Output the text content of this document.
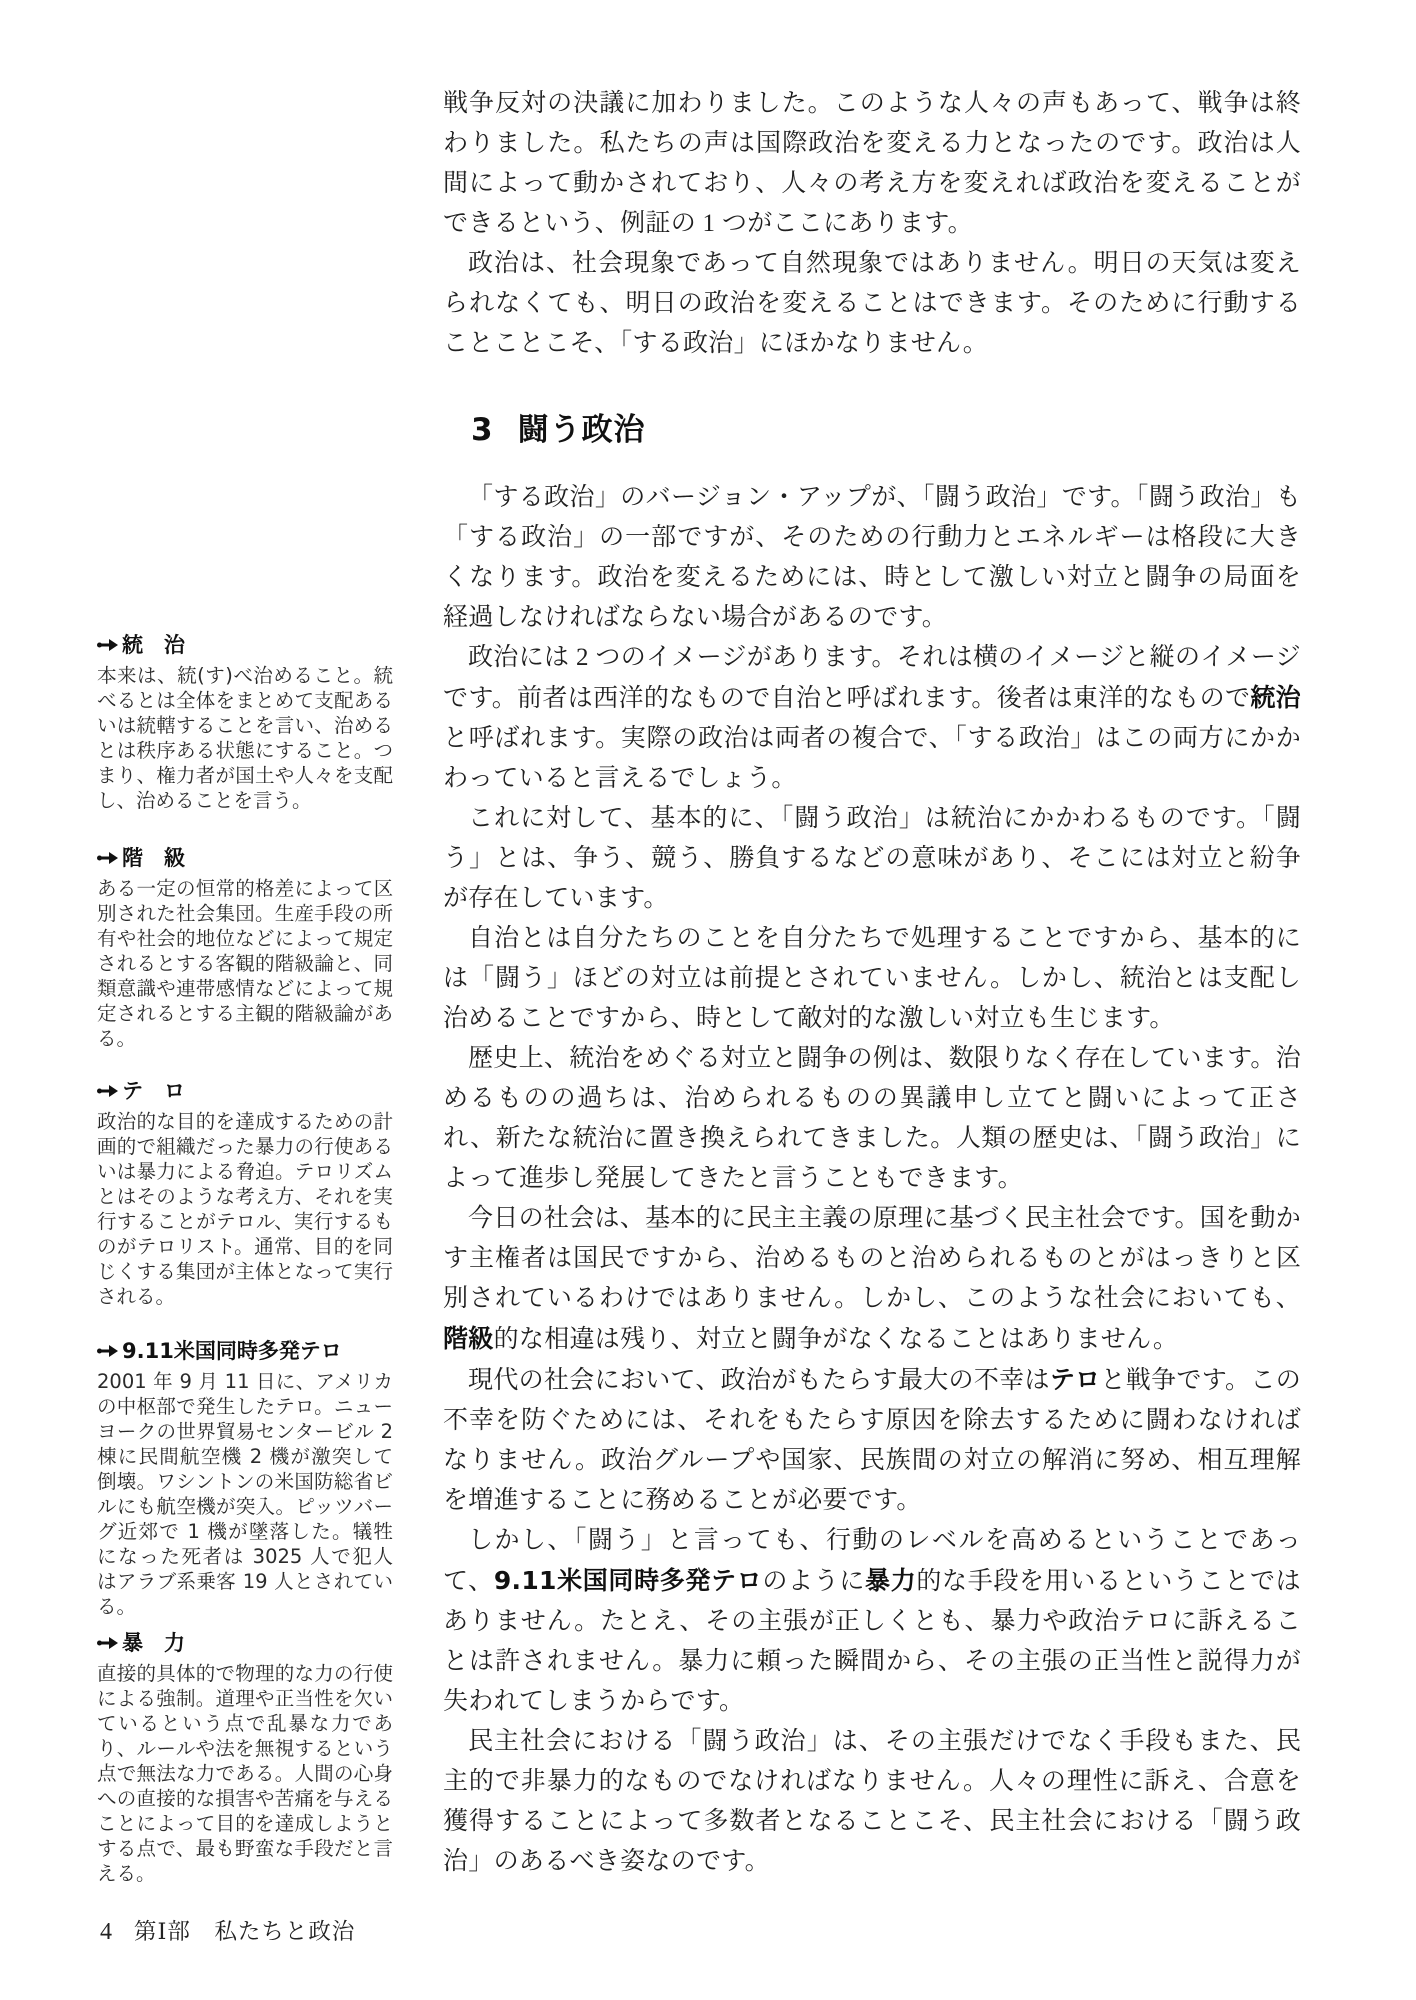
統　治
本来は、統(す)べ治めること。統べるとは全体をまとめて支配あるいは統轄することを言い、治めるとは秩序ある状態にすること。つまり、権力者が国土や人々を支配し、治めることを言う。
階　級
ある一定の恒常的格差によって区別された社会集団。生産手段の所有や社会的地位などによって規定されるとする客観的階級論と、同類意識や連帯感情などによって規定されるとする主観的階級論がある。
テ　ロ
政治的な目的を達成するための計画的で組織だった暴力の行使あるいは暴力による脅迫。テロリズムとはそのような考え方、それを実行することがテロル、実行するものがテロリスト。通常、目的を同じくする集団が主体となって実行される。
9.11米国同時多発テロ
2001 年 9 月 11 日に、アメリカの中枢部で発生したテロ。ニューヨークの世界貿易センタービル 2 棟に民間航空機 2 機が激突して倒壊。ワシントンの米国防総省ビルにも航空機が突入。ピッツバーグ近郊で 1 機が墜落した。犠牲になった死者は 3025 人で犯人はアラブ系乗客 19 人とされている。
暴　力
直接的具体的で物理的な力の行使による強制。道理や正当性を欠いているという点で乱暴な力であり、ルールや法を無視するという点で無法な力である。人間の心身への直接的な損害や苦痛を与えることによって目的を達成しようとする点で、最も野蛮な手段だと言える。

戦争反対の決議に加わりました。このような人々の声もあって、戦争は終わりました。私たちの声は国際政治を変える力となったのです。政治は人間によって動かされており、人々の考え方を変えれば政治を変えることができるという、例証の 1 つがここにあります。

政治は、社会現象であって自然現象ではありません。明日の天気は変えられなくても、明日の政治を変えることはできます。そのために行動することことこそ、「する政治」にほかなりません。

3 闘う政治

「する政治」のバージョン・アップが、「闘う政治」です。「闘う政治」も「する政治」の一部ですが、そのための行動力とエネルギーは格段に大きくなります。政治を変えるためには、時として激しい対立と闘争の局面を経過しなければならない場合があるのです。

政治には 2 つのイメージがあります。それは横のイメージと縦のイメージです。前者は西洋的なもので自治と呼ばれます。後者は東洋的なもので統治と呼ばれます。実際の政治は両者の複合で、「する政治」はこの両方にかかわっていると言えるでしょう。

これに対して、基本的に、「闘う政治」は統治にかかわるものです。「闘う」とは、争う、競う、勝負するなどの意味があり、そこには対立と紛争が存在しています。

自治とは自分たちのことを自分たちで処理することですから、基本的には「闘う」ほどの対立は前提とされていません。しかし、統治とは支配し治めることですから、時として敵対的な激しい対立も生じます。

歴史上、統治をめぐる対立と闘争の例は、数限りなく存在しています。治めるものの過ちは、治められるものの異議申し立てと闘いによって正され、新たな統治に置き換えられてきました。人類の歴史は、「闘う政治」によって進歩し発展してきたと言うこともできます。

今日の社会は、基本的に民主主義の原理に基づく民主社会です。国を動かす主権者は国民ですから、治めるものと治められるものとがはっきりと区別されているわけではありません。しかし、このような社会においても、階級的な相違は残り、対立と闘争がなくなることはありません。

現代の社会において、政治がもたらす最大の不幸はテロと戦争です。この不幸を防ぐためには、それをもたらす原因を除去するために闘わなければなりません。政治グループや国家、民族間の対立の解消に努め、相互理解を増進することに務めることが必要です。

しかし、「闘う」と言っても、行動のレベルを高めるということであって、9.11米国同時多発テロのように暴力的な手段を用いるということではありません。たとえ、その主張が正しくとも、暴力や政治テロに訴えることは許されません。暴力に頼った瞬間から、その主張の正当性と説得力が失われてしまうからです。

民主社会における「闘う政治」は、その主張だけでなく手段もまた、民主的で非暴力的なものでなければなりません。人々の理性に訴え、合意を獲得することによって多数者となることこそ、民主社会における「闘う政治」のあるべき姿なのです。

4 第Ⅰ部　私たちと政治
